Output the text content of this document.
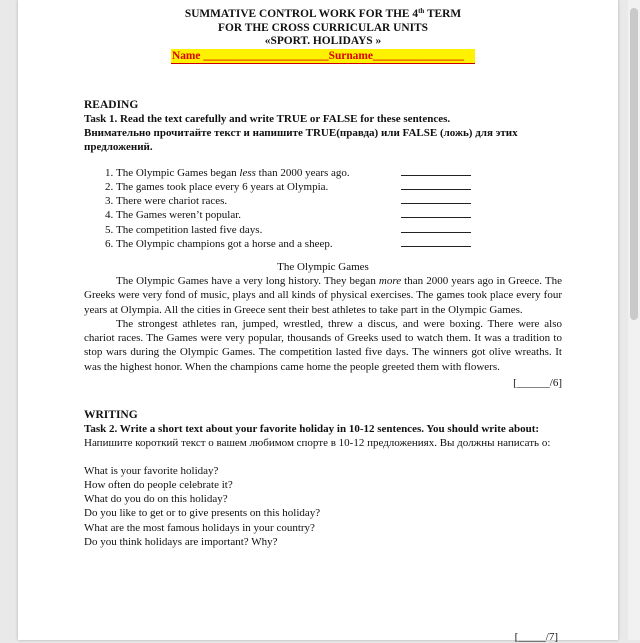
SUMMATIVE CONTROL WORK FOR THE 4th TERM
FOR THE CROSS CURRICULAR UNITS
«SPORT. HOLIDAYS »
Name ______________________Surname________________
READING
Task 1. Read the text carefully and write TRUE or FALSE for these sentences.
Внимательно прочитайте текст и напишите TRUE(правда) или FALSE (ложь) для этих предложений.
1. The Olympic Games began less than 2000 years ago.
2. The games took place every 6 years at Olympia.
3. There were chariot races.
4. The Games weren’t popular.
5. The competition lasted five days.
6. The Olympic champions got a horse and a sheep.
The Olympic Games
The Olympic Games have a very long history. They began more than 2000 years ago in Greece. The Greeks were very fond of music, plays and all kinds of physical exercises. The games took place every four years at Olympia. All the cities in Greece sent their best athletes to take part in the Olympic Games.
The strongest athletes ran, jumped, wrestled, threw a discus, and were boxing. There were also chariot races. The Games were very popular, thousands of Greeks used to watch them. It was a tradition to stop wars during the Olympic Games. The competition lasted five days. The winners got olive wreaths. It was the highest honor. When the champions came home the people greeted them with flowers.
[______/6]
WRITING
Task 2. Write a short text about your favorite holiday in 10-12 sentences. You should write about:
Напишите короткий текст о вашем любимом спорте в 10-12 предложениях. Вы должны написать о:
What is your favorite holiday?
How often do people celebrate it?
What do you do on this holiday?
Do you like to get or to give presents on this holiday?
What are the most famous holidays in your country?
Do you think holidays are important? Why?
[_____/7]
